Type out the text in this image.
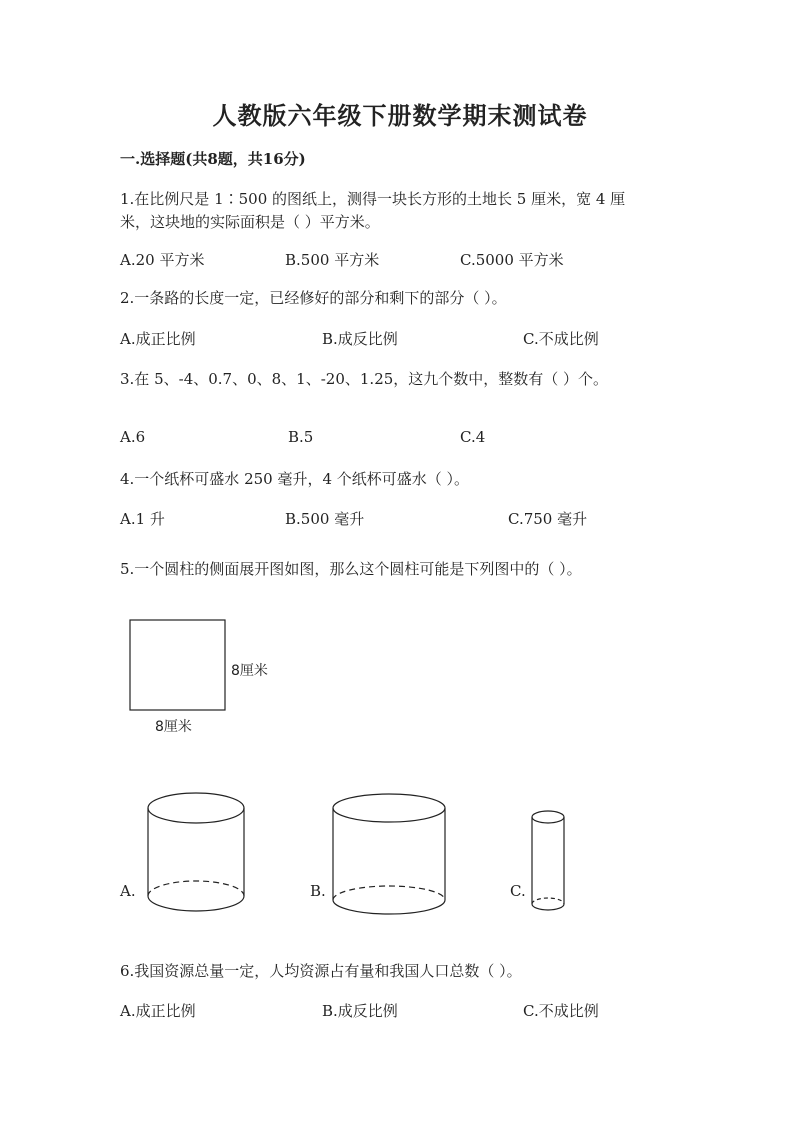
人教版六年级下册数学期末测试卷
一.选择题(共8题，共16分)
1.在比例尺是 1∶500 的图纸上，测得一块长方形的土地长 5 厘米，宽 4 厘
米，这块地的实际面积是（ ）平方米。
A.20 平方米	B.500 平方米	C.5000 平方米
2.一条路的长度一定，已经修好的部分和剩下的部分（ ）。
A.成正比例	B.成反比例	C.不成比例
3.在 5、-4、0.7、0、8、1、-20、1.25，这九个数中，整数有（ ）个。
A.6	B.5	C.4
4.一个纸杯可盛水 250 毫升，4 个纸杯可盛水（ ）。
A.1 升	B.500 毫升	C.750 毫升
5.一个圆柱的侧面展开图如图，那么这个圆柱可能是下列图中的（ ）。
8厘米
8厘米
A.	B.	C.
6.我国资源总量一定，人均资源占有量和我国人口总数（ ）。
A.成正比例	B.成反比例	C.不成比例
